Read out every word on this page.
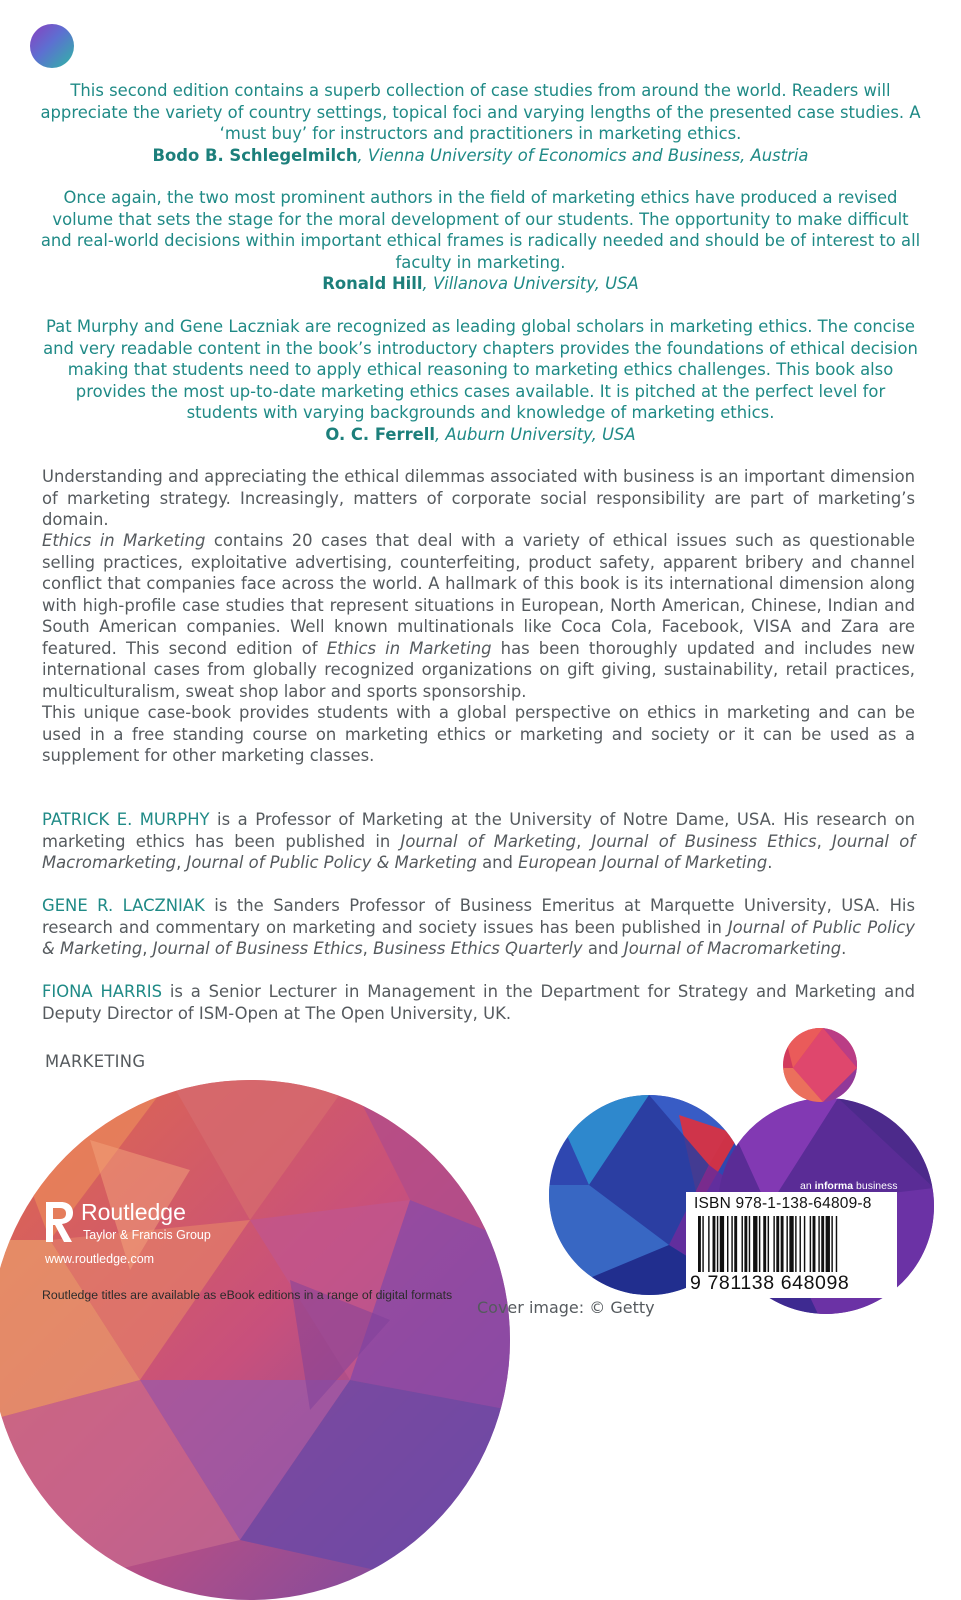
This second edition contains a superb collection of case studies from around the world. Readers will appreciate the variety of country settings, topical foci and varying lengths of the presented case studies. A ‘must buy’ for instructors and practitioners in marketing ethics.
Bodo B. Schlegelmilch, Vienna University of Economics and Business, Austria

Once again, the two most prominent authors in the field of marketing ethics have produced a revised volume that sets the stage for the moral development of our students. The opportunity to make difficult and real-world decisions within important ethical frames is radically needed and should be of interest to all faculty in marketing.
Ronald Hill, Villanova University, USA

Pat Murphy and Gene Laczniak are recognized as leading global scholars in marketing ethics. The concise and very readable content in the book’s introductory chapters provides the foundations of ethical decision making that students need to apply ethical reasoning to marketing ethics challenges. This book also provides the most up-to-date marketing ethics cases available. It is pitched at the perfect level for students with varying backgrounds and knowledge of marketing ethics.
O. C. Ferrell, Auburn University, USA

Understanding and appreciating the ethical dilemmas associated with business is an important dimension of marketing strategy. Increasingly, matters of corporate social responsibility are part of marketing’s domain.

Ethics in Marketing contains 20 cases that deal with a variety of ethical issues such as questionable selling practices, exploitative advertising, counterfeiting, product safety, apparent bribery and channel conflict that companies face across the world. A hallmark of this book is its international dimension along with high-profile case studies that represent situations in European, North American, Chinese, Indian and South American companies. Well known multinationals like Coca Cola, Facebook, VISA and Zara are featured. This second edition of Ethics in Marketing has been thoroughly updated and includes new international cases from globally recognized organizations on gift giving, sustainability, retail practices, multiculturalism, sweat shop labor and sports sponsorship.

This unique case-book provides students with a global perspective on ethics in marketing and can be used in a free standing course on marketing ethics or marketing and society or it can be used as a supplement for other marketing classes.

PATRICK E. MURPHY is a Professor of Marketing at the University of Notre Dame, USA. His research on marketing ethics has been published in Journal of Marketing, Journal of Business Ethics, Journal of Macromarketing, Journal of Public Policy & Marketing and European Journal of Marketing.

GENE R. LACZNIAK is the Sanders Professor of Business Emeritus at Marquette University, USA. His research and commentary on marketing and society issues has been published in Journal of Public Policy & Marketing, Journal of Business Ethics, Business Ethics Quarterly and Journal of Macromarketing.

FIONA HARRIS is a Senior Lecturer in Management in the Department for Strategy and Marketing and Deputy Director of ISM-Open at The Open University, UK.

MARKETING
Routledge
Taylor & Francis Group
www.routledge.com
Routledge titles are available as eBook editions in a range of digital formats
an informa business
ISBN 978-1-138-64809-8
9 781138 648098
Cover image: © Getty
